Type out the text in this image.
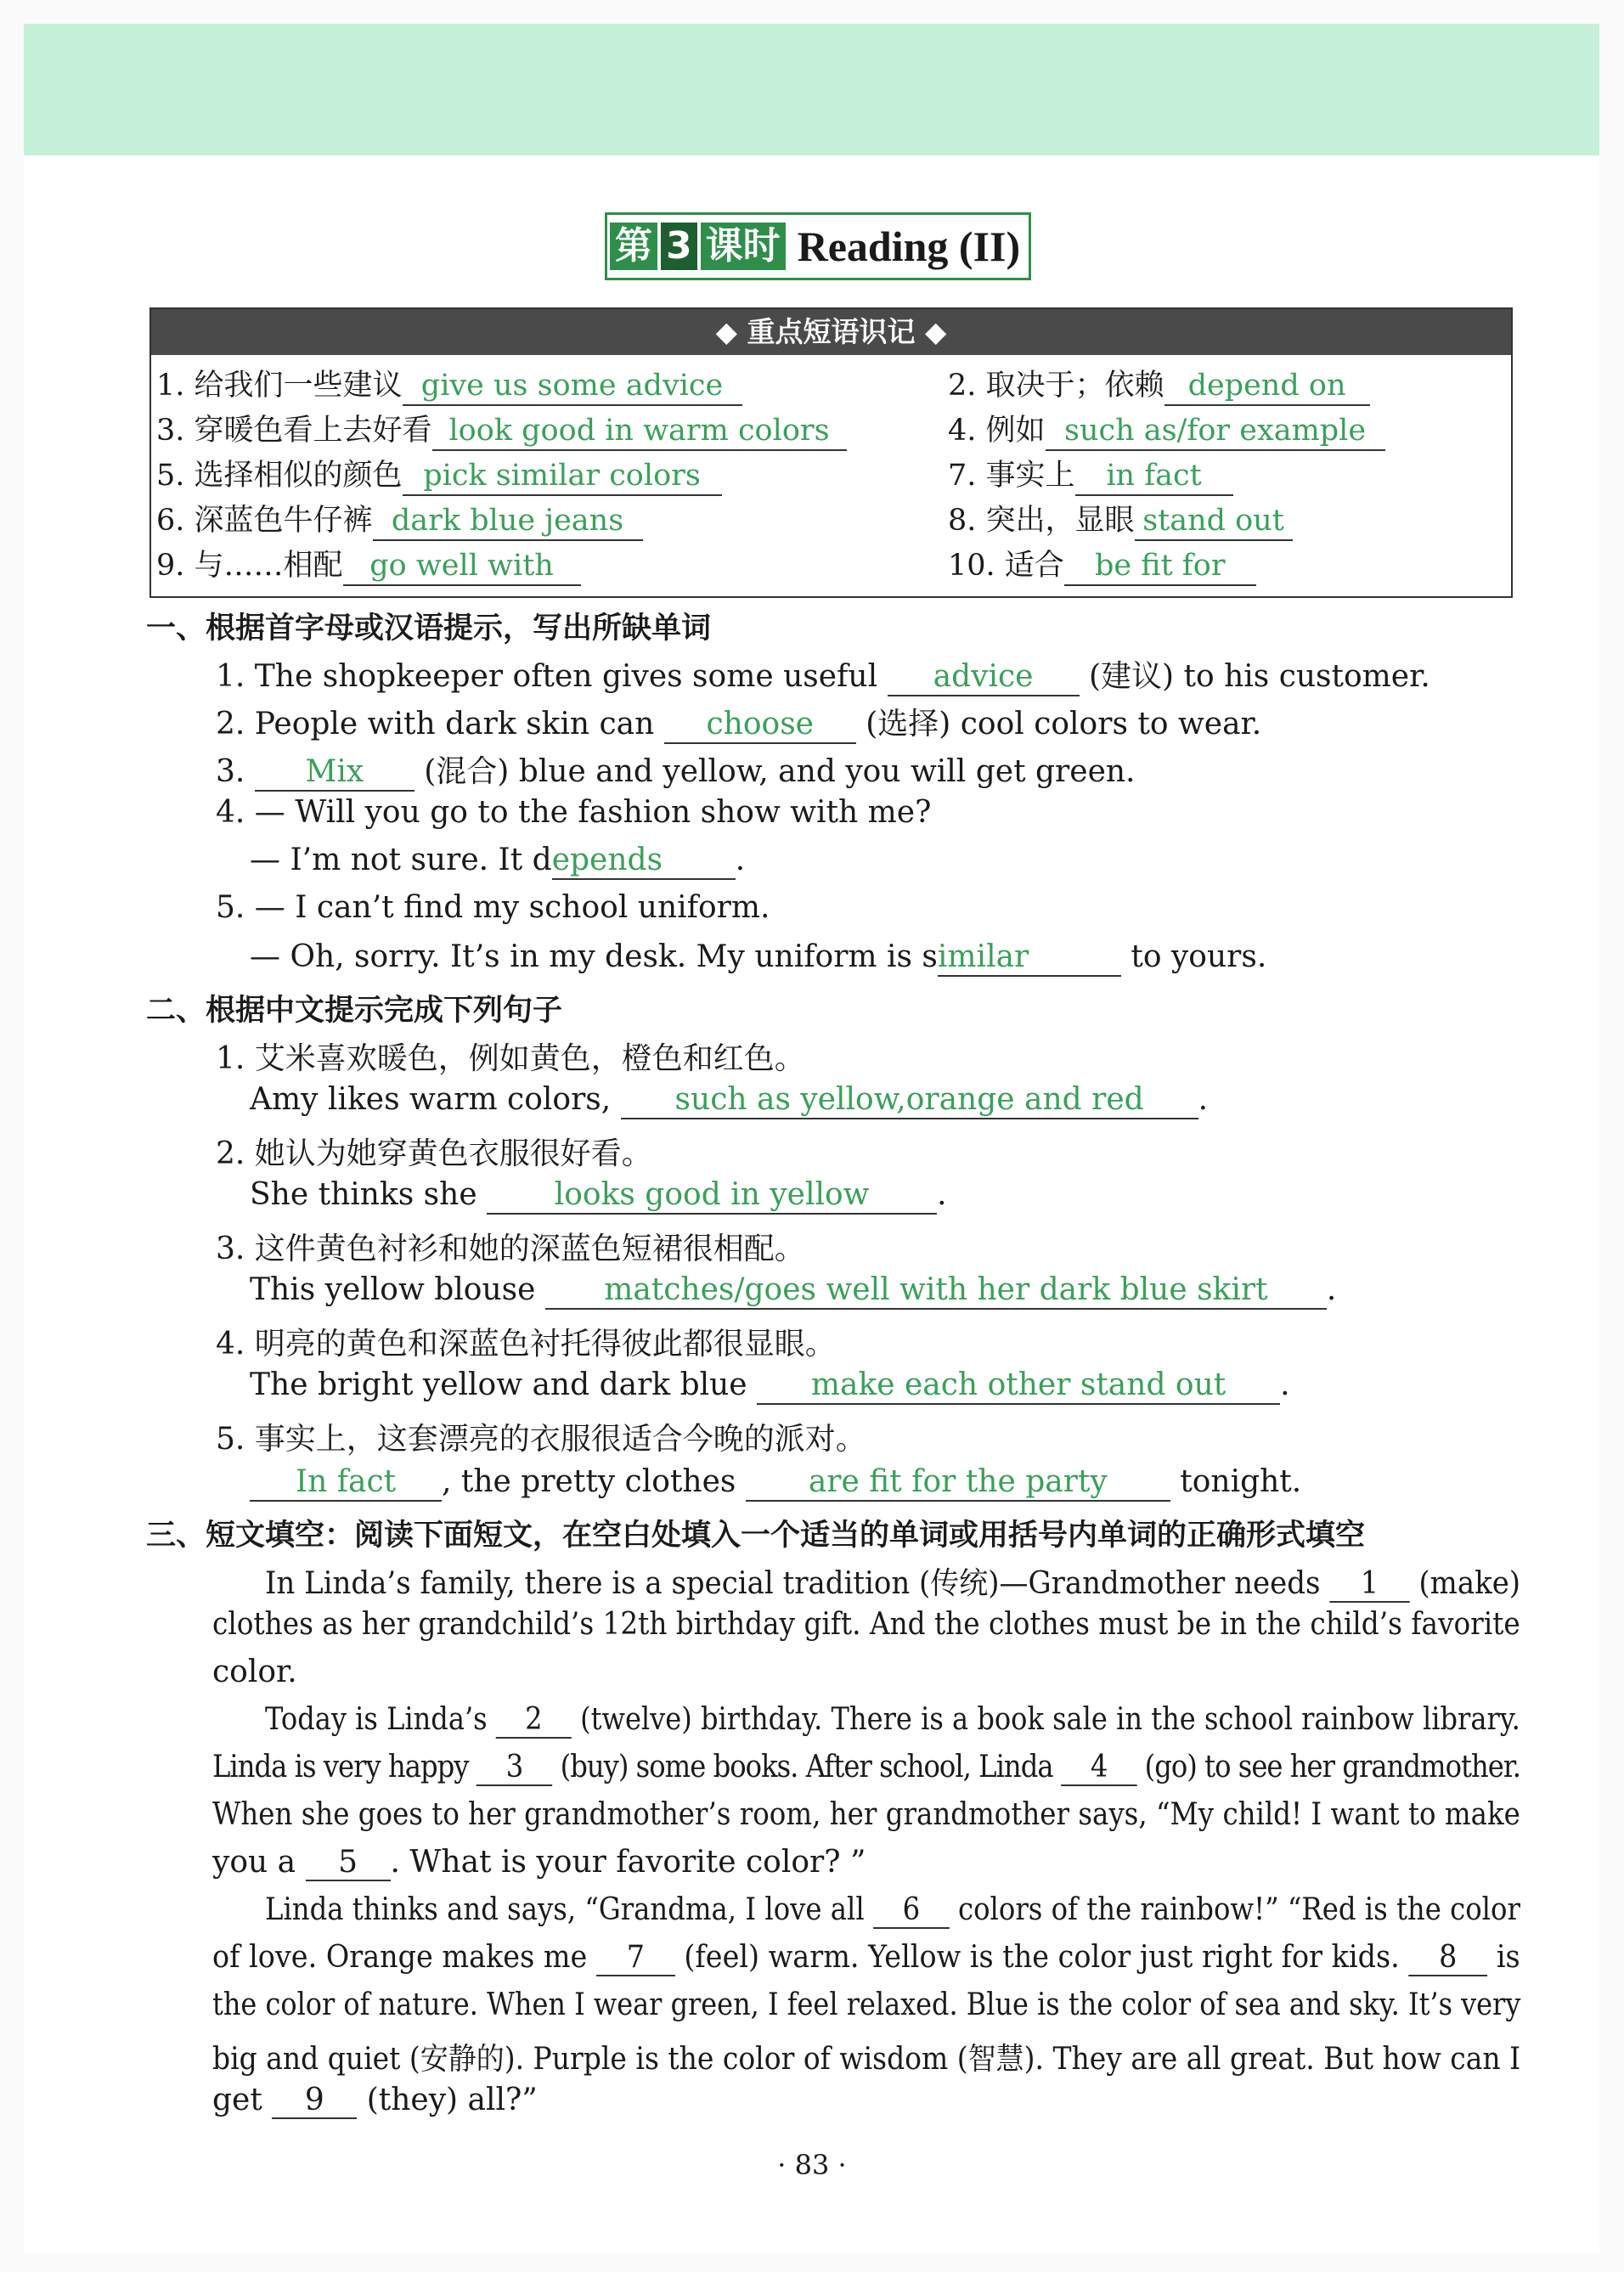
第 3 课时 Reading (II)
◆ 重点短语识记 ◆
1. 给我们一些建议 give us some advice
3. 穿暖色看上去好看 look good in warm colors
5. 选择相似的颜色 pick similar colors
6. 深蓝色牛仔裤 dark blue jeans
9. 与……相配 go well with
2. 取决于；依赖 depend on
4. 例如 such as/for example
7. 事实上 in fact
8. 突出，显眼 stand out
10. 适合 be fit for
一、根据首字母或汉语提示，写出所缺单词
1. The shopkeeper often gives some useful advice (建议) to his customer.
2. People with dark skin can choose (选择) cool colors to wear.
3. Mix (混合) blue and yellow, and you will get green.
4. — Will you go to the fashion show with me?
— I’m not sure. It depends .
5. — I can’t find my school uniform.
— Oh, sorry. It’s in my desk. My uniform is similar	to yours.
二、根据中文提示完成下列句子
1. 艾米喜欢暖色，例如黄色，橙色和红色。
Amy likes warm colors, such as yellow,orange and red .
2. 她认为她穿黄色衣服很好看。
She thinks she looks good in yellow .
3. 这件黄色衬衫和她的深蓝色短裙很相配。
This yellow blouse matches/goes well with her dark blue skirt .
4. 明亮的黄色和深蓝色衬托得彼此都很显眼。
The bright yellow and dark blue make each other stand out .
5. 事实上，这套漂亮的衣服很适合今晚的派对。
In fact , the pretty clothes are fit for the party tonight.
三、短文填空：阅读下面短文，在空白处填入一个适当的单词或用括号内单词的正确形式填空
In Linda’s family, there is a special tradition (传统)—Grandmother needs 1 (make)
clothes as her grandchild’s 12th birthday gift. And the clothes must be in the child’s favorite
color.
Today is Linda’s 2 (twelve) birthday. There is a book sale in the school rainbow library.
Linda is very happy 3 (buy) some books. After school, Linda 4 (go) to see her grandmother.
When she goes to her grandmother’s room, her grandmother says, “My child! I want to make
you a 5 . What is your favorite color? ”
Linda thinks and says, “Grandma, I love all 6 colors of the rainbow!” “Red is the color
of love. Orange makes me 7 (feel) warm. Yellow is the color just right for kids. 8 is
the color of nature. When I wear green, I feel relaxed. Blue is the color of sea and sky. It’s very
big and quiet (安静的). Purple is the color of wisdom (智慧). They are all great. But how can I
get 9 (they) all?”
· 83 ·
